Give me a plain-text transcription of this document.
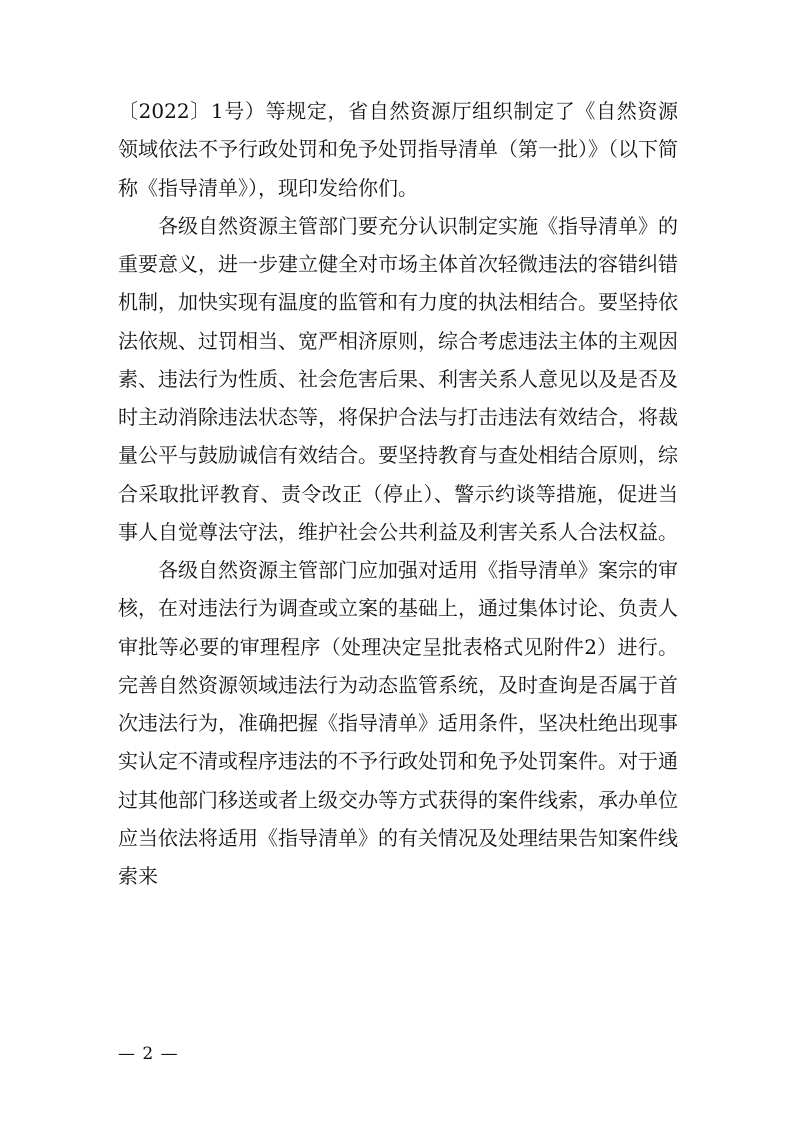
〔2022〕1号）等规定，省自然资源厅组织制定了《自然资源领域依法不予行政处罚和免予处罚指导清单（第一批）》（以下简称《指导清单》），现印发给你们。

各级自然资源主管部门要充分认识制定实施《指导清单》的重要意义，进一步建立健全对市场主体首次轻微违法的容错纠错机制，加快实现有温度的监管和有力度的执法相结合。要坚持依法依规、过罚相当、宽严相济原则，综合考虑违法主体的主观因素、违法行为性质、社会危害后果、利害关系人意见以及是否及时主动消除违法状态等，将保护合法与打击违法有效结合，将裁量公平与鼓励诚信有效结合。要坚持教育与查处相结合原则，综合采取批评教育、责令改正（停止）、警示约谈等措施，促进当事人自觉尊法守法，维护社会公共利益及利害关系人合法权益。

各级自然资源主管部门应加强对适用《指导清单》案宗的审核，在对违法行为调查或立案的基础上，通过集体讨论、负责人审批等必要的审理程序（处理决定呈批表格式见附件2）进行。完善自然资源领域违法行为动态监管系统，及时查询是否属于首次违法行为，准确把握《指导清单》适用条件，坚决杜绝出现事实认定不清或程序违法的不予行政处罚和免予处罚案件。对于通过其他部门移送或者上级交办等方式获得的案件线索，承办单位应当依法将适用《指导清单》的有关情况及处理结果告知案件线索来

— 2 —
